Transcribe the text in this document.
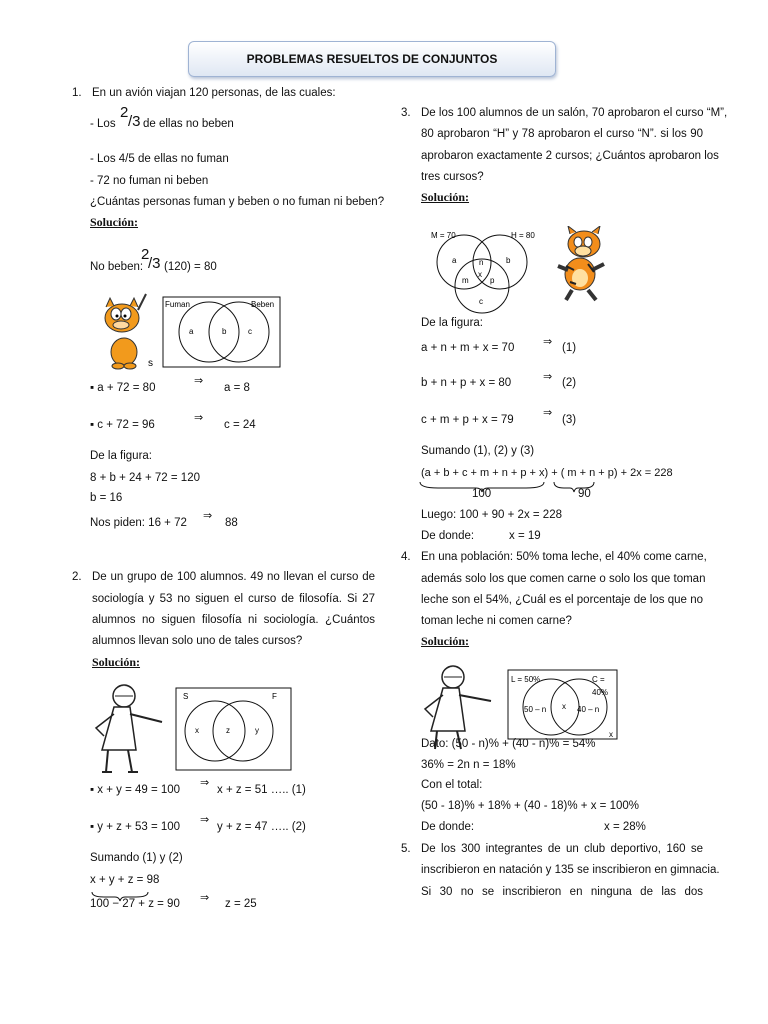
PROBLEMAS RESUELTOS DE CONJUNTOS
1. En un avión viajan 120 personas, de las cuales:
- Los
2
/3 de ellas no beben
- Los 4/5 de ellas no fuman
- 72 no fuman ni beben
¿Cuántas personas fuman y beben o no fuman ni beben?
Solución:
No beben:
2
/3 (120) = 80
Fuman	Beben
a	b	c
s
▪ a + 72 = 80
⇒
a = 8
▪ c + 72 = 96
⇒
c = 24
De la figura:
8 + b + 24 + 72 = 120
b = 16
Nos piden: 16 + 72
⇒
88
2. De un grupo de 100 alumnos. 49 no llevan el curso de
sociología y 53 no siguen el curso de filosofía. Si 27
alumnos no siguen filosofía ni sociología. ¿Cuántos
alumnos llevan solo uno de tales cursos?
Solución:
S	F
x	z	y
▪ x + y = 49 = 100
⇒
x + z = 51 ….. (1)
▪ y + z + 53 = 100
⇒
y + z = 47 ….. (2)
Sumando (1) y (2)
x + y + z = 98
100 − 27 + z = 90 ⇒ z = 25
3. De los 100 alumnos de un salón, 70 aprobaron el curso “M”,
80 aprobaron “H” y 78 aprobaron el curso “N”. si los 90
aprobaron exactamente 2 cursos; ¿Cuántos aprobaron los
tres cursos?
Solución:
M = 70	H = 80
a	n	b
x
m	p
c
De la figura:
a + n + m + x = 70	⇒ (1)
b + n + p + x = 80	⇒ (2)
c + m + p + x = 79
⇒
(3)
Sumando (1), (2) y (3)
(a + b + c + m + n + p + x) + ( m + n + p) + 2x = 228
100	90
Luego: 100 + 90 + 2x = 228
De donde:	x = 19
4. En una población: 50% toma leche, el 40% come carne,
además solo los que comen carne o solo los que toman
leche son el 54%, ¿Cuál es el porcentaje de los que no
toman leche ni comen carne?
Solución:
L = 50%	C =
40%
50 – n x 40 – n
x
Dato: (50 - n)% + (40 - n)% = 54%
36% = 2n n = 18%
Con el total:
(50 - 18)% + 18% + (40 - 18)% + x = 100%
De donde:	x = 28%
5. De los 300 integrantes de un club deportivo, 160 se
inscribieron en natación y 135 se inscribieron en gimnacia.
Si 30 no se inscribieron en ninguna de las dos
